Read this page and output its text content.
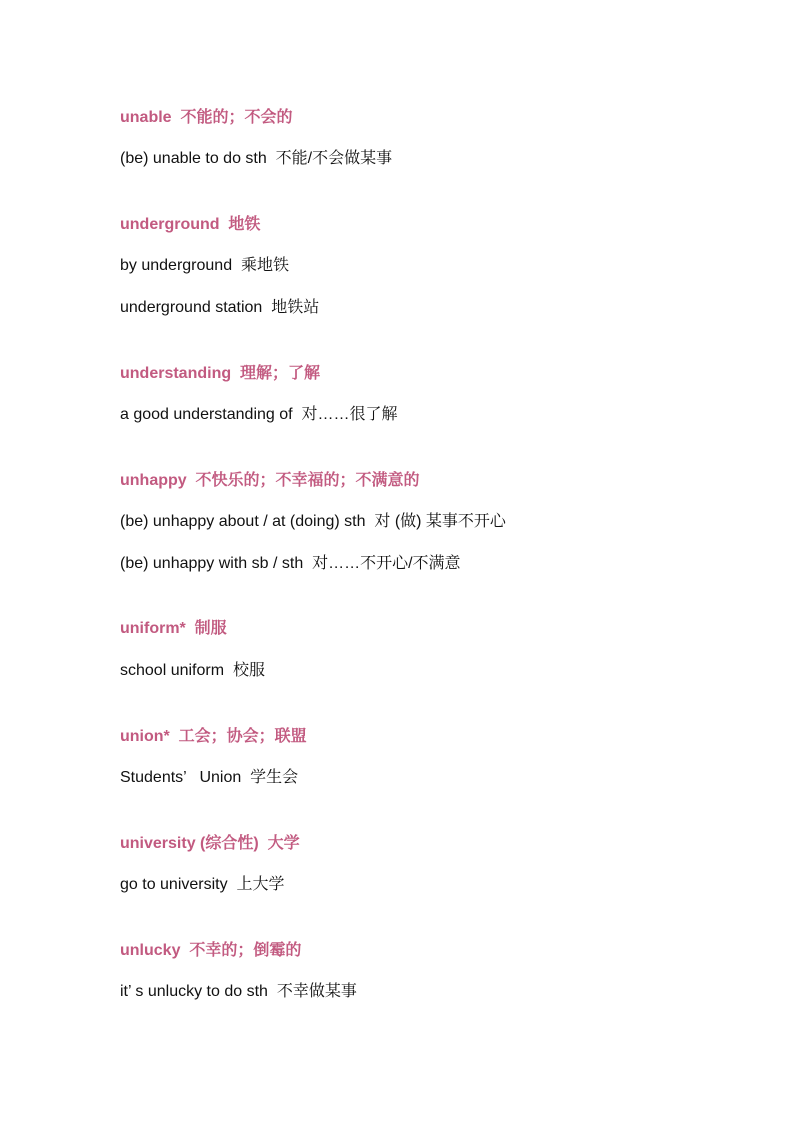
unable  不能的；不会的
(be) unable to do sth  不能/不会做某事
underground  地铁
by underground  乘地铁
underground station  地铁站
understanding  理解；了解
a good understanding of  对……很了解
unhappy  不快乐的；不幸福的；不满意的
(be) unhappy about / at (doing) sth  对 (做) 某事不开心
(be) unhappy with sb / sth  对……不开心/不满意
uniform*  制服
school uniform  校服
union*  工会；协会；联盟
Students’   Union  学生会
university (综合性)  大学
go to university  上大学
unlucky  不幸的；倒霉的
it’ s unlucky to do sth  不幸做某事
